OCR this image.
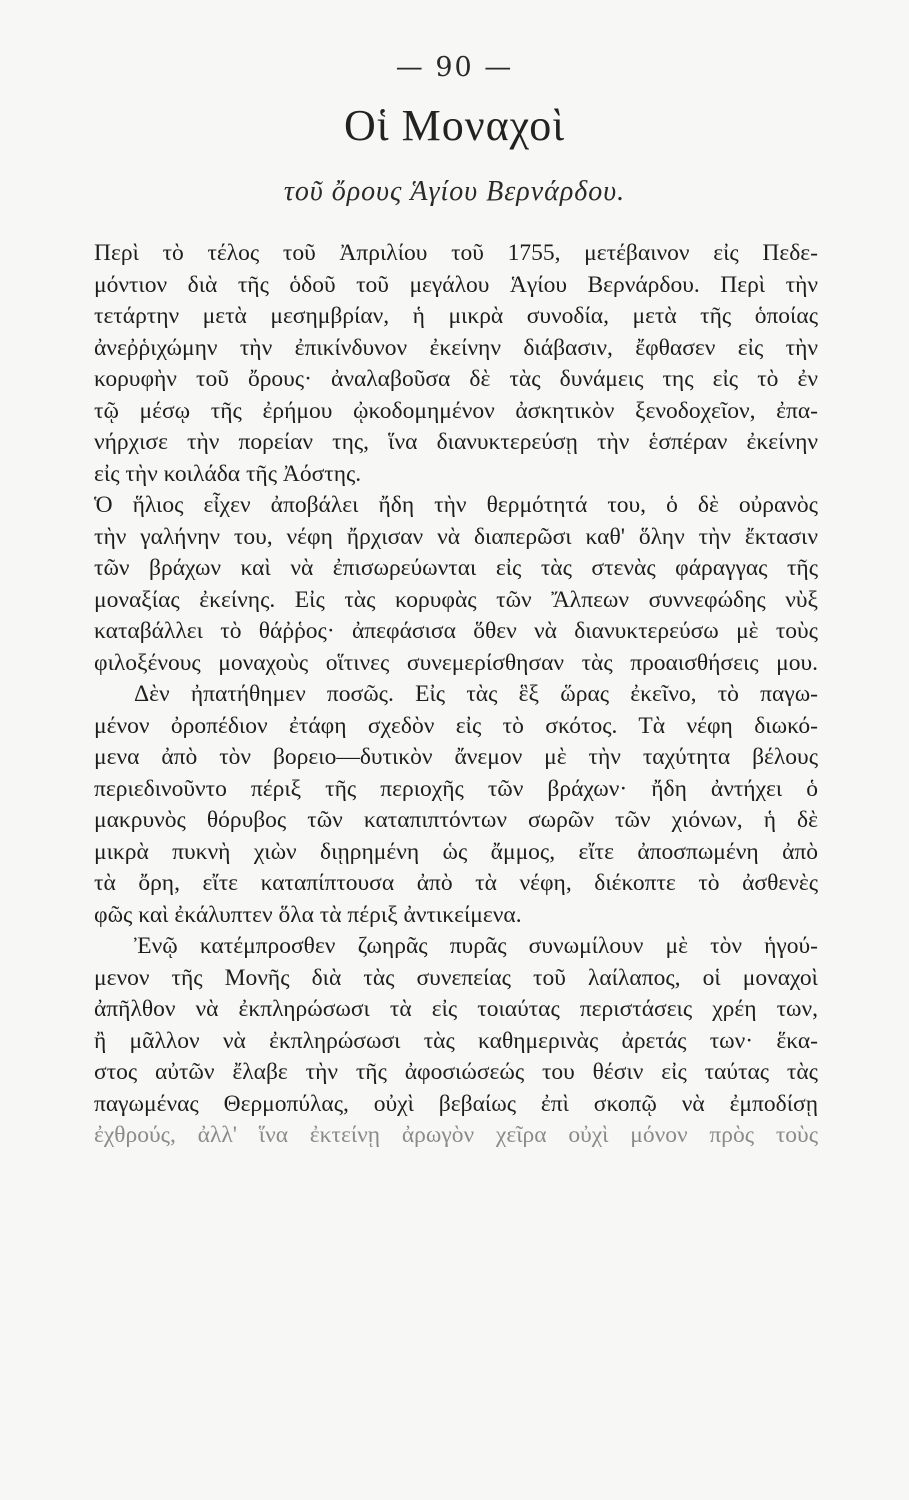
— 90 —
Οἱ Μοναχοὶ
τοῦ ὄρους Ἁγίου Βερνάρδου.
Περὶ τὸ τέλος τοῦ Ἀπριλίου τοῦ 1755, μετέβαινον εἰς Πεδε-
μόντιον διὰ τῆς ὁδοῦ τοῦ μεγάλου Ἁγίου Βερνάρδου. Περὶ τὴν
τετάρτην μετὰ μεσημβρίαν, ἡ μικρὰ συνοδία, μετὰ τῆς ὁποίας
ἀνεῤῥιχώμην τὴν ἐπικίνδυνον ἐκείνην διάβασιν, ἔφθασεν εἰς τὴν
κορυφὴν τοῦ ὄρους· ἀναλαβοῦσα δὲ τὰς δυνάμεις της εἰς τὸ ἐν
τῷ μέσῳ τῆς ἐρήμου ᾠκοδομημένον ἀσκητικὸν ξενοδοχεῖον, ἐπα-
νήρχισε τὴν πορείαν της, ἵνα διανυκτερεύσῃ τὴν ἑσπέραν ἐκείνην
εἰς τὴν κοιλάδα τῆς Ἀόστης.
Ὁ ἥλιος εἶχεν ἀποβάλει ἤδη τὴν θερμότητά του, ὁ δὲ οὐρανὸς
τὴν γαλήνην του, νέφη ἤρχισαν νὰ διαπερῶσι καθ' ὅλην τὴν ἔκτασιν
τῶν βράχων καὶ νὰ ἐπισωρεύωνται εἰς τὰς στενὰς φάραγγας τῆς
μοναξίας ἐκείνης. Εἰς τὰς κορυφὰς τῶν Ἄλπεων συννεφώδης νὺξ
καταβάλλει τὸ θάῤῥος· ἀπεφάσισα ὅθεν νὰ διανυκτερεύσω μὲ τοὺς
φιλοξένους μοναχοὺς οἵτινες συνεμερίσθησαν τὰς προαισθήσεις μου.
Δὲν ἠπατήθημεν ποσῶς. Εἰς τὰς ἓξ ὥρας ἐκεῖνο, τὸ παγω-
μένον ὀροπέδιον ἐτάφη σχεδὸν εἰς τὸ σκότος. Τὰ νέφη διωκό-
μενα ἀπὸ τὸν βορειο—δυτικὸν ἄνεμον μὲ τὴν ταχύτητα βέλους
περιεδινοῦντο πέριξ τῆς περιοχῆς τῶν βράχων· ἤδη ἀντήχει ὁ
μακρυνὸς θόρυβος τῶν καταπιπτόντων σωρῶν τῶν χιόνων, ἡ δὲ
μικρὰ πυκνὴ χιὼν διῃρημένη ὡς ἄμμος, εἴτε ἀποσπωμένη ἀπὸ
τὰ ὄρη, εἴτε καταπίπτουσα ἀπὸ τὰ νέφη, διέκοπτε τὸ ἀσθενὲς
φῶς καὶ ἐκάλυπτεν ὅλα τὰ πέριξ ἀντικείμενα.
Ἐνῷ κατέμπροσθεν ζωηρᾶς πυρᾶς συνωμίλουν μὲ τὸν ἡγού-
μενον τῆς Μονῆς διὰ τὰς συνεπείας τοῦ λαίλαπος, οἱ μοναχοὶ
ἀπῆλθον νὰ ἐκπληρώσωσι τὰ εἰς τοιαύτας περιστάσεις χρέη των,
ἢ μᾶλλον νὰ ἐκπληρώσωσι τὰς καθημερινὰς ἀρετάς των· ἕκα-
στος αὐτῶν ἔλαβε τὴν τῆς ἀφοσιώσεώς του θέσιν εἰς ταύτας τὰς
παγωμένας Θερμοπύλας, οὐχὶ βεβαίως ἐπὶ σκοπῷ νὰ ἐμποδίσῃ
ἐχθρούς, ἀλλ' ἵνα ἐκτείνῃ ἀρωγὸν χεῖρα οὐχὶ μόνον πρὸς τοὺς
